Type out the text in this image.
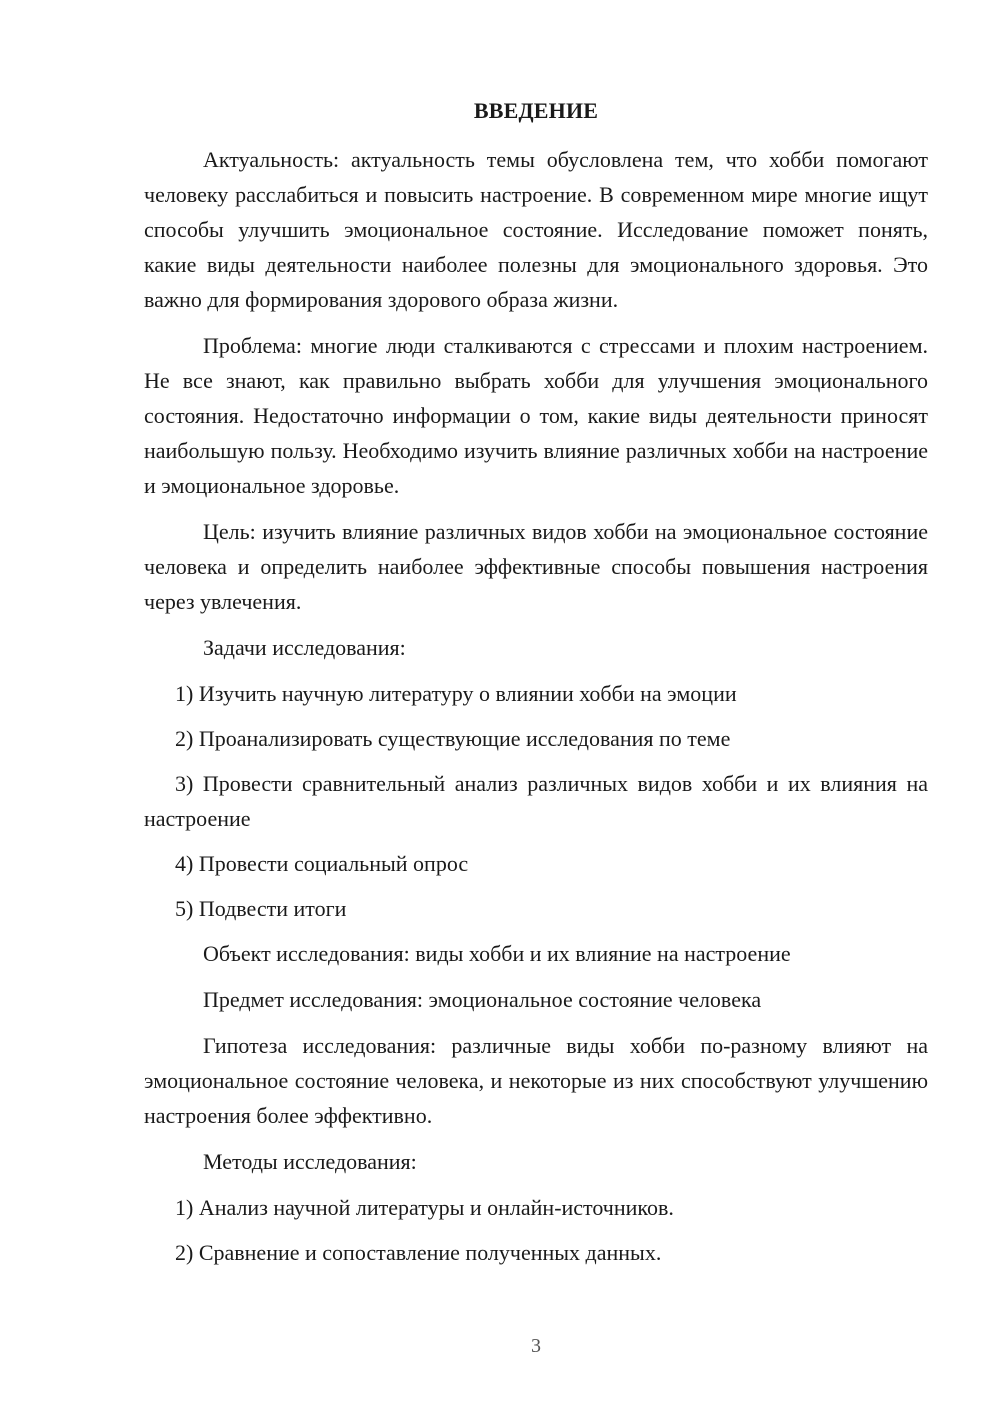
ВВЕДЕНИЕ

Актуальность: актуальность темы обусловлена тем, что хобби помогают человеку расслабиться и повысить настроение. В современном мире многие ищут способы улучшить эмоциональное состояние. Исследование поможет понять, какие виды деятельности наиболее полезны для эмоционального здоровья. Это важно для формирования здорового образа жизни.

Проблема: многие люди сталкиваются с стрессами и плохим настроением. Не все знают, как правильно выбрать хобби для улучшения эмоционального состояния. Недостаточно информации о том, какие виды деятельности приносят наибольшую пользу. Необходимо изучить влияние различных хобби на настроение и эмоциональное здоровье.

Цель: изучить влияние различных видов хобби на эмоциональное состояние человека и определить наиболее эффективные способы повышения настроения через увлечения.

Задачи исследования:

1) Изучить научную литературу о влиянии хобби на эмоции

2) Проанализировать существующие исследования по теме

3) Провести сравнительный анализ различных видов хобби и их влияния на настроение

4) Провести социальный опрос

5) Подвести итоги

Объект исследования: виды хобби и их влияние на настроение

Предмет исследования: эмоциональное состояние человека

Гипотеза исследования: различные виды хобби по-разному влияют на эмоциональное состояние человека, и некоторые из них способствуют улучшению настроения более эффективно.

Методы исследования:

1) Анализ научной литературы и онлайн-источников.

2) Сравнение и сопоставление полученных данных.

3
